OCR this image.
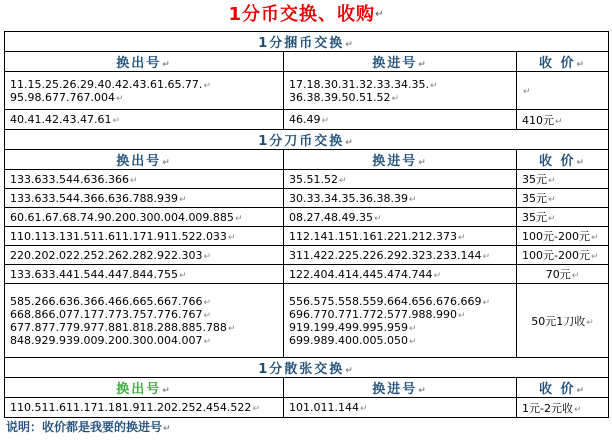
1分币交换、收购↵
1分捆币交换↵		
换出号↵	换进号↵	收 价↵
11.15.25.26.29.40.42.43.61.65.77.↵
95.98.677.767.004↵	17.18.30.31.32.33.34.35.↵
36.38.39.50.51.52↵	↵
40.41.42.43.47.61↵	46.49↵	410元↵
1分刀币交换↵		
换出号↵	换进号↵	收 价↵
133.633.544.636.366↵	35.51.52↵	35元↵
133.633.544.366.636.788.939↵	30.33.34.35.36.38.39↵	35元↵
60.61.67.68.74.90.200.300.004.009.885↵	08.27.48.49.35↵	35元↵
110.113.131.511.611.171.911.522.033↵	112.141.151.161.221.212.373↵	100元-200元↵
220.202.022.252.262.282.922.303↵	311.422.225.226.292.323.233.144↵	100元-200元↵
133.633.441.544.447.844.755↵	122.404.414.445.474.744↵	70元↵
585.266.636.366.466.665.667.766↵
668.866.077.177.773.757.776.767↵
677.877.779.977.881.818.288.885.788↵
848.929.939.009.200.300.004.007↵	556.575.558.559.664.656.676.669↵
696.770.771.772.577.988.990↵
919.199.499.995.959↵
699.989.400.005.050↵	50元1刀收↵
1分散张交换↵		
换出号↵	换进号↵	收 价↵
110.511.611.171.181.911.202.252.454.522↵	101.011.144↵	1元-2元收↵
说明：收价都是我要的换进号↵
